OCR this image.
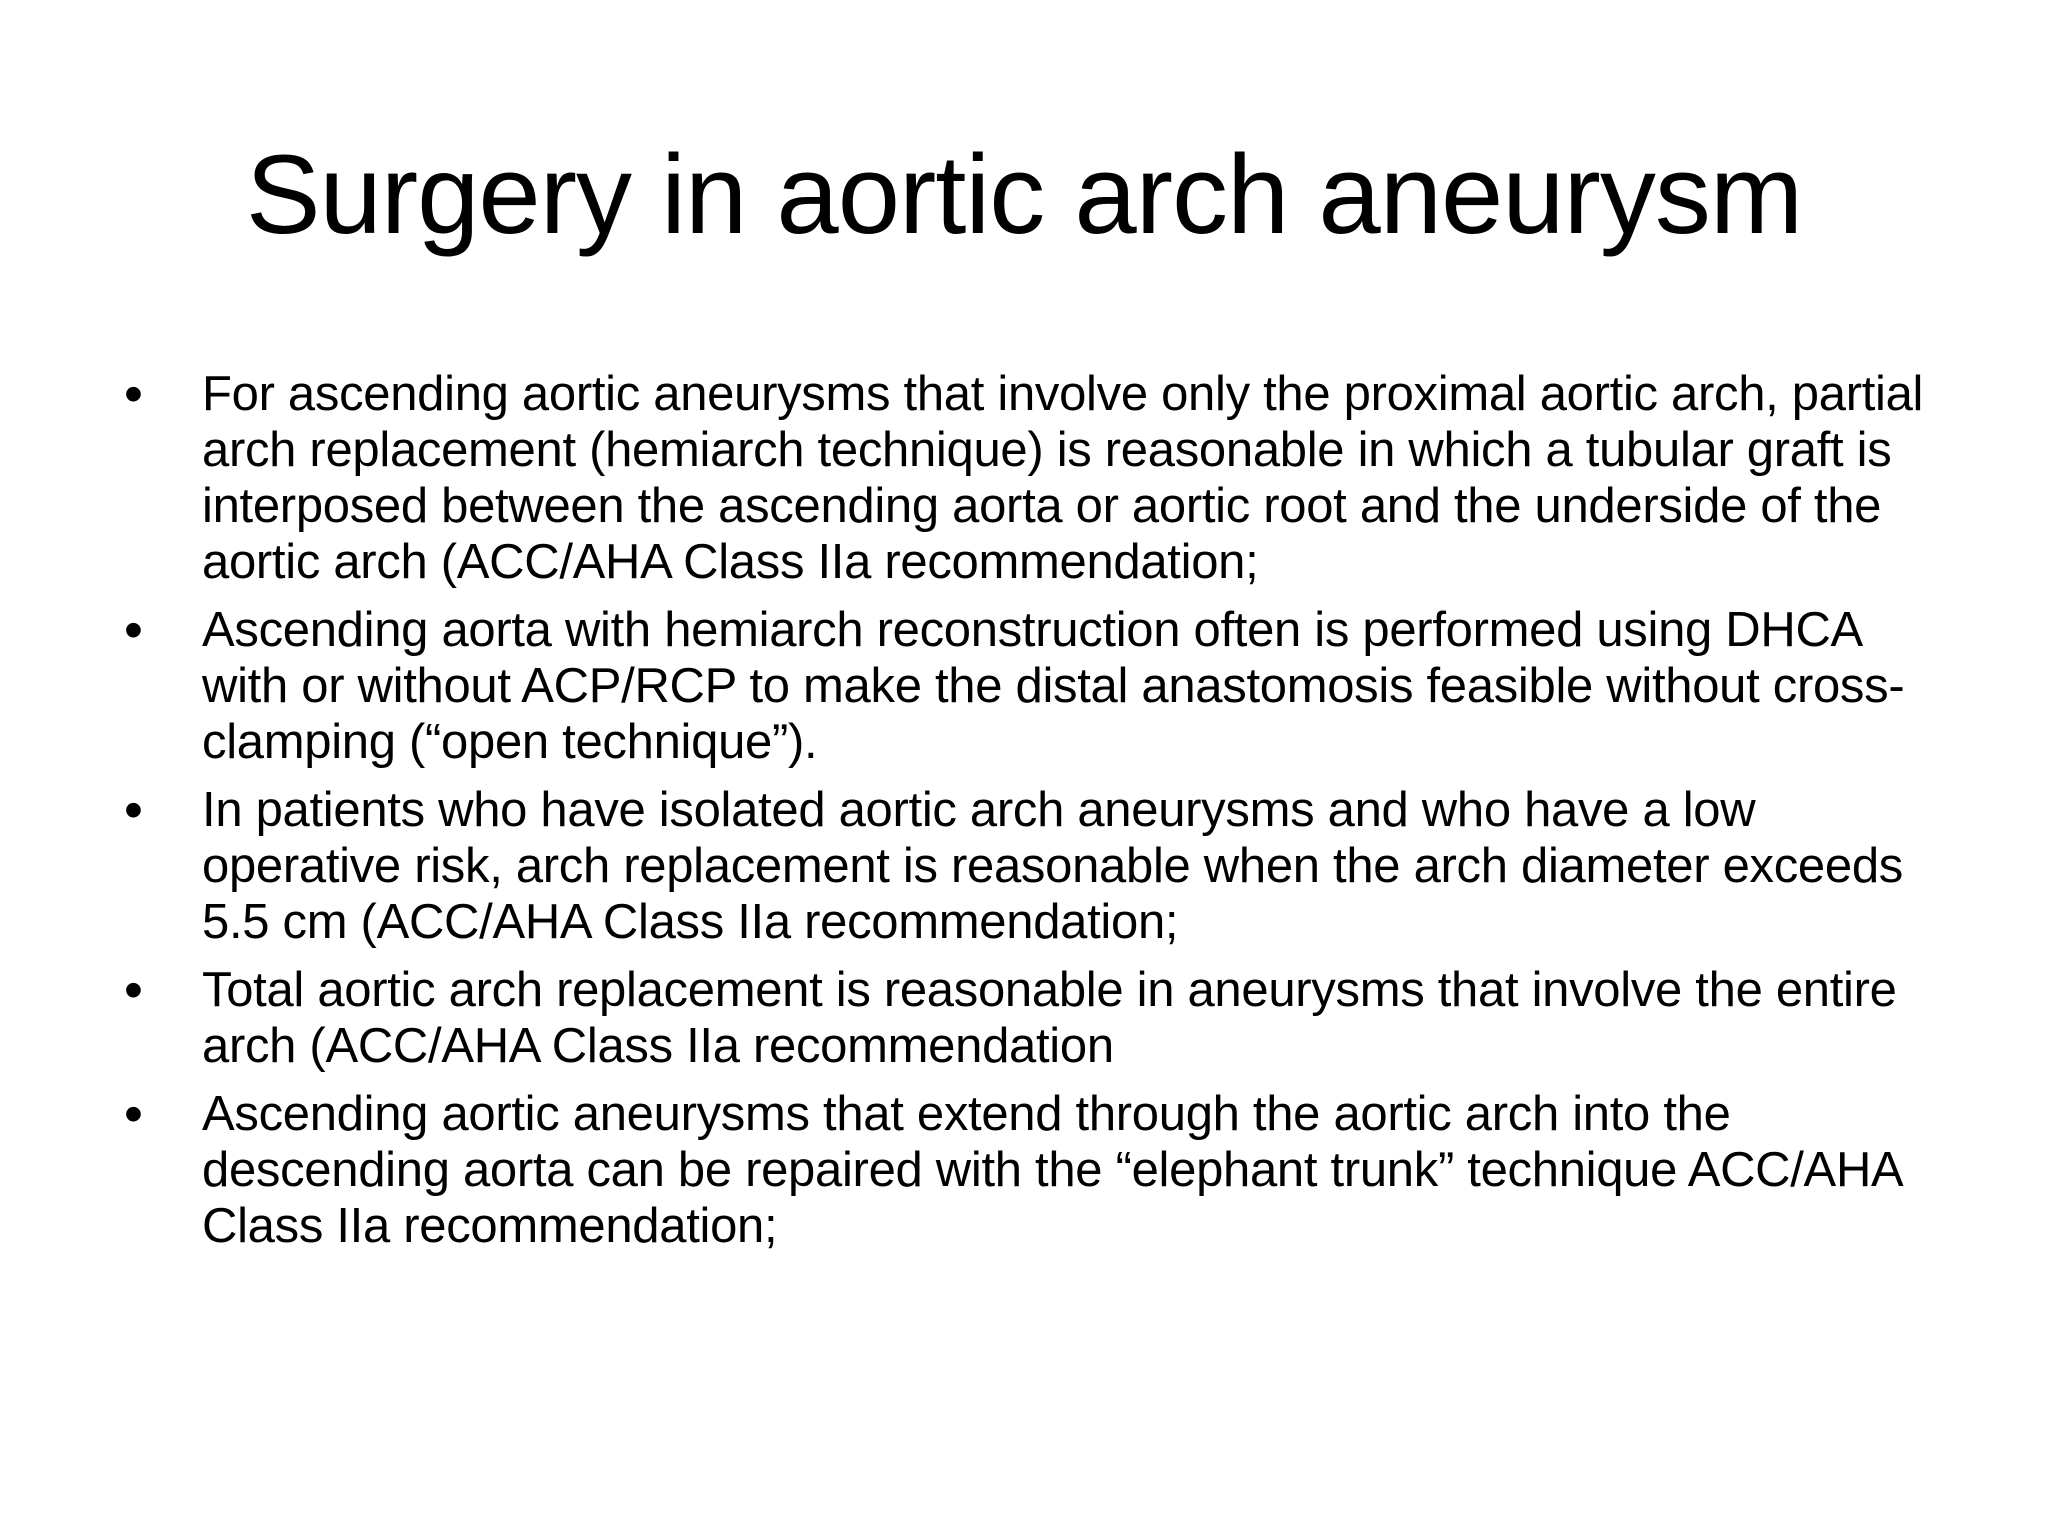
Surgery in aortic arch aneurysm
•	For ascending aortic aneurysms that involve only the proximal aortic arch, partial arch replacement (hemiarch technique) is reasonable in which a tubular graft is interposed between the ascending aorta or aortic root and the underside of the aortic arch (ACC/AHA Class IIa recommendation;
•	Ascending aorta with hemiarch reconstruction often is performed using DHCA with or without ACP/RCP to make the distal anastomosis feasible without cross-clamping (“open technique”).
•	In patients who have isolated aortic arch aneurysms and who have a low operative risk, arch replacement is reasonable when the arch diameter exceeds 5.5 cm (ACC/AHA Class IIa recommendation;
•	Total aortic arch replacement is reasonable in aneurysms that involve the entire arch (ACC/AHA Class IIa recommendation
•	Ascending aortic aneurysms that extend through the aortic arch into the descending aorta can be repaired with the “elephant trunk” technique ACC/AHA Class IIa recommendation;
